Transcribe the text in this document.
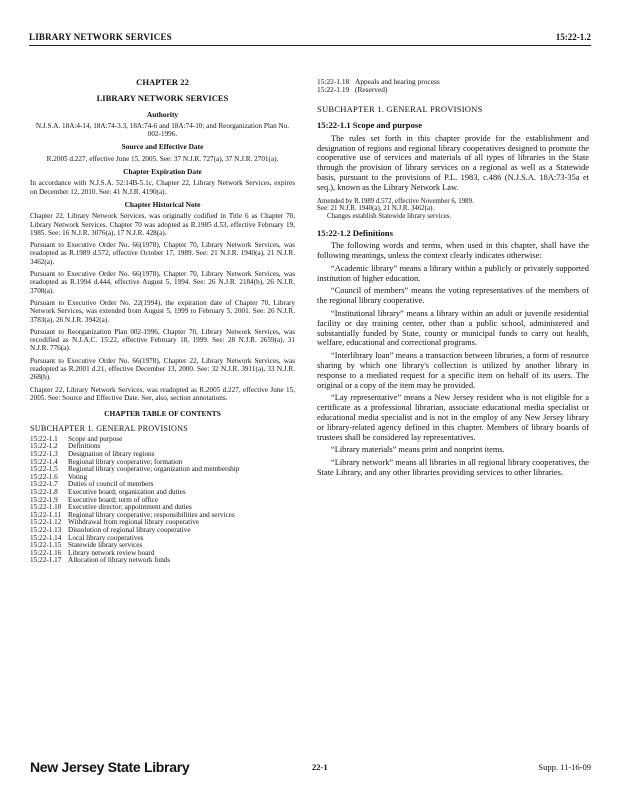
LIBRARY NETWORK SERVICES	15:22-1.2
CHAPTER 22
LIBRARY NETWORK SERVICES
Authority

N.J.S.A. 18A:4-14, 18A:74-3.3, 18A:74-6 and 18A:74-10; and Reorganization Plan No. 002-1996.

Source and Effective Date

R.2005 d.227, effective June 15, 2005. See: 37 N.J.R. 727(a), 37 N.J.R. 2701(a).

Chapter Expiration Date

In accordance with N.J.S.A. 52:14B-5.1c, Chapter 22, Library Network Services, expires on December 12, 2010. See: 41 N.J.R. 4190(a).

Chapter Historical Note

Chapter 22, Library Network Services, was originally codified in Title 6 as Chapter 70, Library Network Services. Chapter 70 was adopted as R.1985 d.53, effective February 19, 1985. See: 16 N.J.R. 3076(a), 17 N.J.R. 428(a).

Pursuant to Executive Order No. 66(1978), Chapter 70, Library Network Services, was readopted as R.1989 d.572, effective October 17, 1989. See: 21 N.J.R. 1940(a), 21 N.J.R. 3462(a).

Pursuant to Executive Order No. 66(1978), Chapter 70, Library Network Services, was readopted as R.1994 d.444, effective August 5, 1994. See: 26 N.J.R. 2184(b), 26 N.J.R. 3708(a).

Pursuant to Executive Order No. 22(1994), the expiration date of Chapter 70, Library Network Services, was extended from August 5, 1999 to February 5, 2001. See: 26 N.J.R. 3783(a), 26 N.J.R. 3942(a).

Pursuant to Reorganization Plan 002-1996, Chapter 70, Library Network Services, was recodified as N.J.A.C. 15:22, effective February 18, 1999. See: 28 N.J.R. 2659(a), 31 N.J.R. 776(a).

Pursuant to Executive Order No. 66(1978), Chapter 22, Library Network Services, was readopted as R.2001 d.21, effective December 13, 2000. See: 32 N.J.R. 3911(a), 33 N.J.R. 268(b).

Chapter 22, Library Network Services, was readopted as R.2005 d.227, effective June 15, 2005. See: Source and Effective Date. See, also, section annotations.

CHAPTER TABLE OF CONTENTS
SUBCHAPTER 1. GENERAL PROVISIONS
15:22-1.1	Scope and purpose
15:22-1.2	Definitions
15:22-1.3	Designation of library regions
15:22-1.4	Regional library cooperative; formation
15:22-1.5	Regional library cooperative; organization and membership
15:22-1.6	Voting
15:22-1.7	Duties of council of members
15:22-1.8	Executive board; organization and duties
15:22-1.9	Executive board; term of office
15:22-1.10 Executive director; appointment and duties
15:22-1.11 Regional library cooperative; responsibilities and services
15:22-1.12 Withdrawal from regional library cooperative
15:22-1.13 Dissolution of regional library cooperative
15:22-1.14 Local library cooperatives
15:22-1.15 Statewide library services
15:22-1.16 Library network review board
15:22-1.17 Allocation of library network funds
15:22-1.18 Appeals and hearing process
15:22-1.19 (Reserved)
SUBCHAPTER 1. GENERAL PROVISIONS
15:22-1.1 Scope and purpose

The rules set forth in this chapter provide for the establishment and designation of regions and regional library cooperatives designed to promote the cooperative use of services and materials of all types of libraries in the State through the provision of library services on a regional as well as a Statewide basis, pursuant to the provisions of P.L. 1983, c.486 (N.J.S.A. 18A:73-35a et seq.), known as the Library Network Law.

Amended by R.1989 d.572, effective November 6, 1989.
See: 21 N.J.R. 1940(a), 21 N.J.R. 3462(a).
Changes establish Statewide library services.
15:22-1.2 Definitions

The following words and terms, when used in this chapter, shall have the following meanings, unless the context clearly indicates otherwise:

“Academic library” means a library within a publicly or privately supported institution of higher education.

“Council of members” means the voting representatives of the members of the regional library cooperative.

“Institutional library” means a library within an adult or juvenile residential facility or day training center, other than a public school, administered and substantially funded by State, county or municipal funds to carry out health, welfare, educational and correctional programs.

“Interlibrary loan” means a transaction between libraries, a form of resource sharing by which one library's collection is utilized by another library in response to a mediated request for a specific item on behalf of its users. The original or a copy of the item may be provided.

“Lay representative” means a New Jersey resident who is not eligible for a certificate as a professional librarian, associate educational media specialist or educational media specialist and is not in the employ of any New Jersey library or library-related agency defined in this chapter. Members of library boards of trustees shall be considered lay representatives.

“Library materials” means print and nonprint items.

“Library network” means all libraries in all regional library cooperatives, the State Library, and any other libraries providing services to other libraries.

New Jersey State Library	22-1	Supp. 11-16-09
